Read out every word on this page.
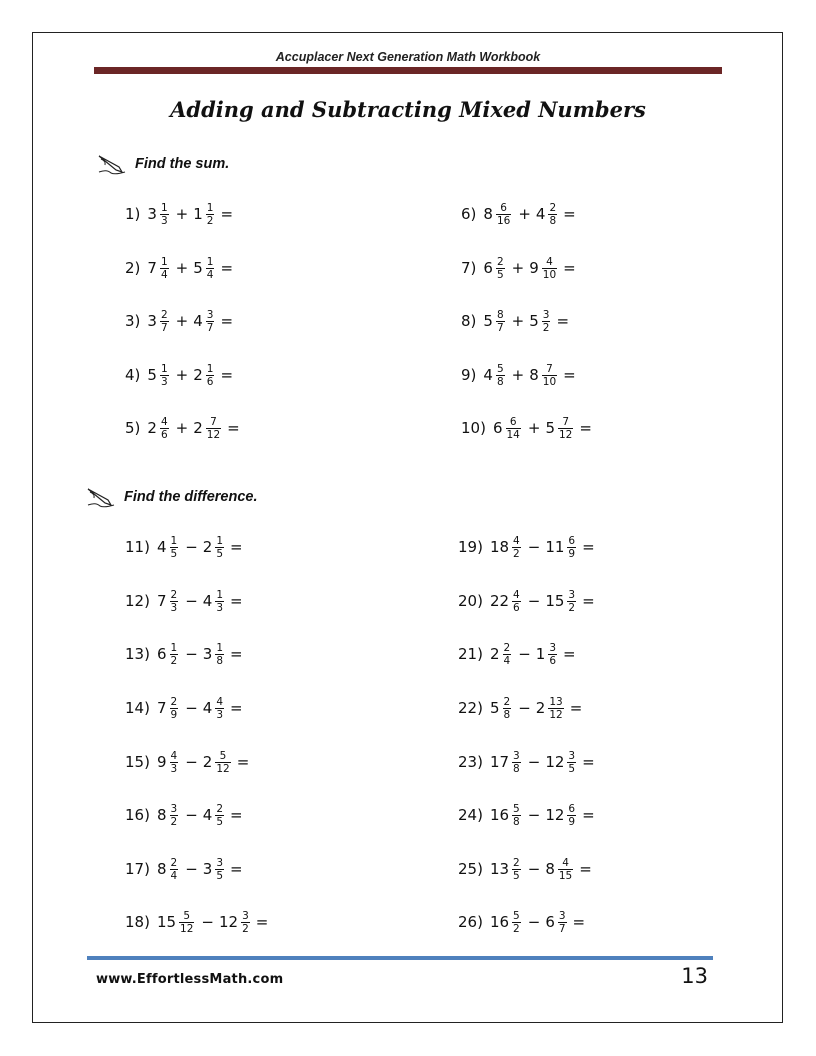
Accuplacer Next Generation Math Workbook
Adding and Subtracting Mixed Numbers
Find the sum.
Find the difference.
1) $3 \frac{1}{3} + 1 \frac{1}{2}$ =
2) $7 \frac{1}{4} + 5 \frac{1}{4}$ =
3) $3 \frac{2}{7} + 4 \frac{3}{7}$ =
4) $5 \frac{1}{3} + 2 \frac{1}{6}$ =
5) $2 \frac{4}{6} + 2 \frac{7}{12}$ =
6) $8 \frac{6}{16} + 4 \frac{2}{8}$ =
7) $6 \frac{2}{5} + 9 \frac{4}{10}$ =
8) $5 \frac{8}{7} + 5 \frac{3}{2}$ =
9) $4 \frac{5}{8} + 8 \frac{7}{10}$ =
10) $6 \frac{6}{14} + 5 \frac{7}{12}$ =
11) $4 \frac{1}{5} - 2 \frac{1}{5}$ =
12) $7 \frac{2}{3} - 4 \frac{1}{3}$ =
13) $6 \frac{1}{2} - 3 \frac{1}{8}$ =
14) $7 \frac{2}{9} - 4 \frac{4}{3}$ =
15) $9 \frac{4}{3} - 2 \frac{5}{12}$ =
16) $8 \frac{3}{2} - 4 \frac{2}{5}$ =
17) $8 \frac{2}{4} - 3 \frac{3}{5}$ =
18) $15 \frac{5}{12} - 12 \frac{3}{2}$ =
19) $18 \frac{4}{2} - 11 \frac{6}{9}$ =
20) $22 \frac{4}{6} - 15 \frac{3}{2}$ =
21) $2 \frac{2}{4} - 1 \frac{3}{6}$ =
22) $5 \frac{2}{8} - 2 \frac{13}{12}$ =
23) $17 \frac{3}{8} - 12 \frac{3}{5}$ =
24) $16 \frac{5}{8} - 12 \frac{6}{9}$ =
25) $13 \frac{2}{5} - 8 \frac{4}{15}$ =
26) $16 \frac{5}{2} - 6 \frac{3}{7}$ =
www.EffortlessMath.com	13
